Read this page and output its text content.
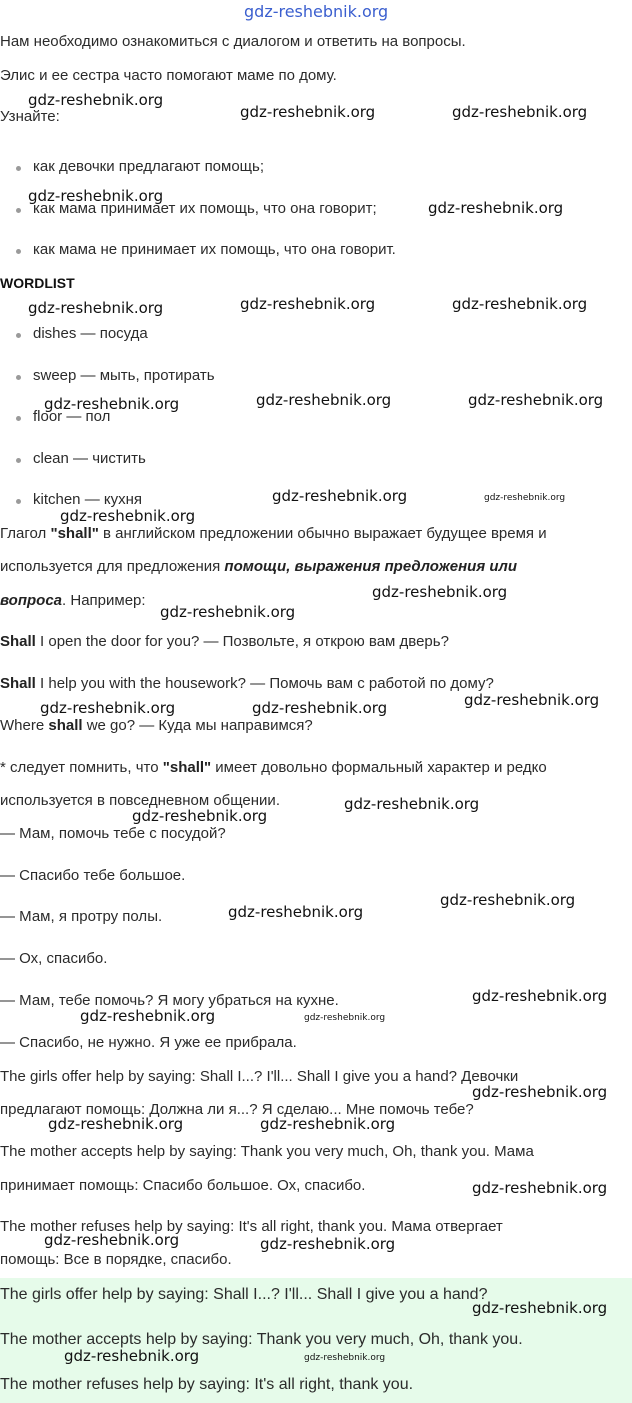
Нам необходимо ознакомиться с диалогом и ответить на вопросы.
Элис и ее сестра часто помогают маме по дому.
Узнайте:
как девочки предлагают помощь;
как мама принимает их помощь, что она говорит;
как мама не принимает их помощь, что она говорит.
WORDLIST
dishes — посуда
sweep — мыть, протирать
floor — пол
clean — чистить
kitchen — кухня
Глагол "shall" в английском предложении обычно выражает будущее время и
используется для предложения помощи, выражения предложения или
вопроса. Например:
Shall I open the door for you? — Позвольте, я открою вам дверь?
Shall I help you with the housework? — Помочь вам с работой по дому?
Where shall we go? — Куда мы направимся?
* следует помнить, что "shall" имеет довольно формальный характер и редко
используется в повседневном общении.
— Мам, помочь тебе с посудой?
— Спасибо тебе большое.
— Мам, я протру полы.
— Ох, спасибо.
— Мам, тебе помочь? Я могу убраться на кухне.
— Спасибо, не нужно. Я уже ее прибрала.
The girls offer help by saying: Shall I...? I'll... Shall I give you a hand? Девочки
предлагают помощь: Должна ли я...? Я сделаю... Мне помочь тебе?
The mother accepts help by saying: Thank you very much, Oh, thank you. Мама
принимает помощь: Спасибо большое. Ох, спасибо.
The mother refuses help by saying: It's all right, thank you. Мама отвергает
помощь: Все в порядке, спасибо.
The girls offer help by saying: Shall I...? I'll... Shall I give you a hand?
The mother accepts help by saying: Thank you very much, Oh, thank you.
The mother refuses help by saying: It's all right, thank you.
gdz-reshebnik.org
gdz-reshebnik.org
gdz-reshebnik.org	gdz-reshebnik.org
gdz-reshebnik.org
gdz-reshebnik.org
gdz-reshebnik.org	gdz-reshebnik.org	gdz-reshebnik.org
gdz-reshebnik.org	gdz-reshebnik.org	gdz-reshebnik.org
gdz-reshebnik.org	gdz-reshebnik.org
gdz-reshebnik.org
gdz-reshebnik.org
gdz-reshebnik.org
gdz-reshebnik.org
gdz-reshebnik.org	gdz-reshebnik.org
gdz-reshebnik.org
gdz-reshebnik.org
gdz-reshebnik.org
gdz-reshebnik.org
gdz-reshebnik.org
gdz-reshebnik.org	gdz-reshebnik.org
gdz-reshebnik.org
gdz-reshebnik.org	gdz-reshebnik.org
gdz-reshebnik.org
gdz-reshebnik.org	gdz-reshebnik.org
gdz-reshebnik.org
gdz-reshebnik.org	gdz-reshebnik.org
